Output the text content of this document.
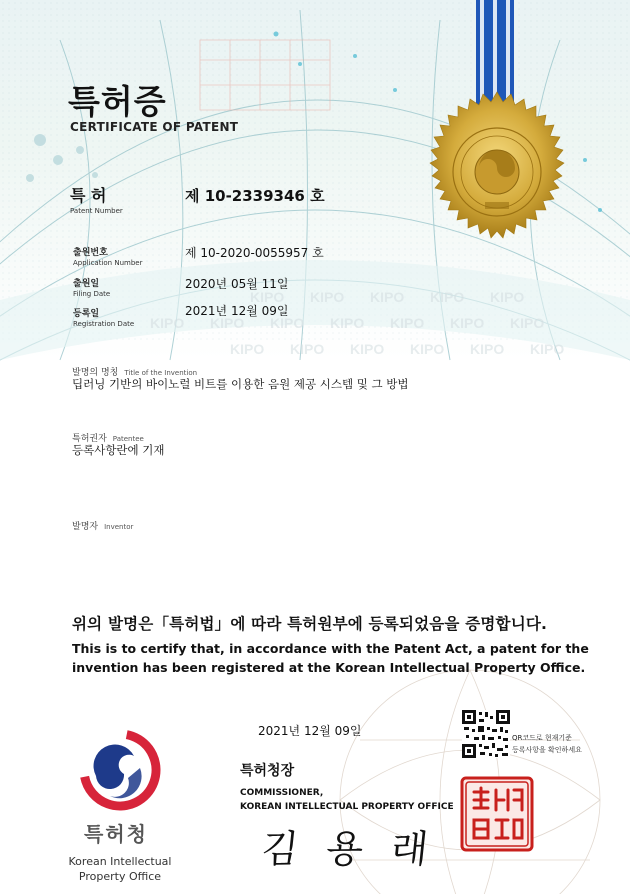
KIPO KIPO KIPO KIPO KIPO
KIPO KIPO KIPO KIPO KIPO KIPO KIPO
KIPO KIPO KIPO KIPO KIPO KIPO
특허증
CERTIFICATE OF PATENT
특 허
Patent Number
제 10-2339346 호
출원번호
Application Number
제 10-2020-0055957 호
출원일
Filing Date
2020년 05월 11일
등록일
Registration Date
2021년 12월 09일
발명의 명칭 Title of the Invention
딥러닝 기반의 바이노럴 비트를 이용한 음원 제공 시스템 및 그 방법
특허권자 Patentee
등록사항란에 기재
발명자 Inventor
위의 발명은「특허법」에 따라 특허원부에 등록되었음을 증명합니다.
This is to certify that, in accordance with the Patent Act, a patent for the
invention has been registered at the Korean Intellectual Property Office.
2021년 12월 09일
특허청장
COMMISSIONER,
KOREAN INTELLECTUAL PROPERTY OFFICE
김 용 래
QR코드로 현재기준
등록사항을 확인하세요
특허청
Korean Intellectual
Property Office
